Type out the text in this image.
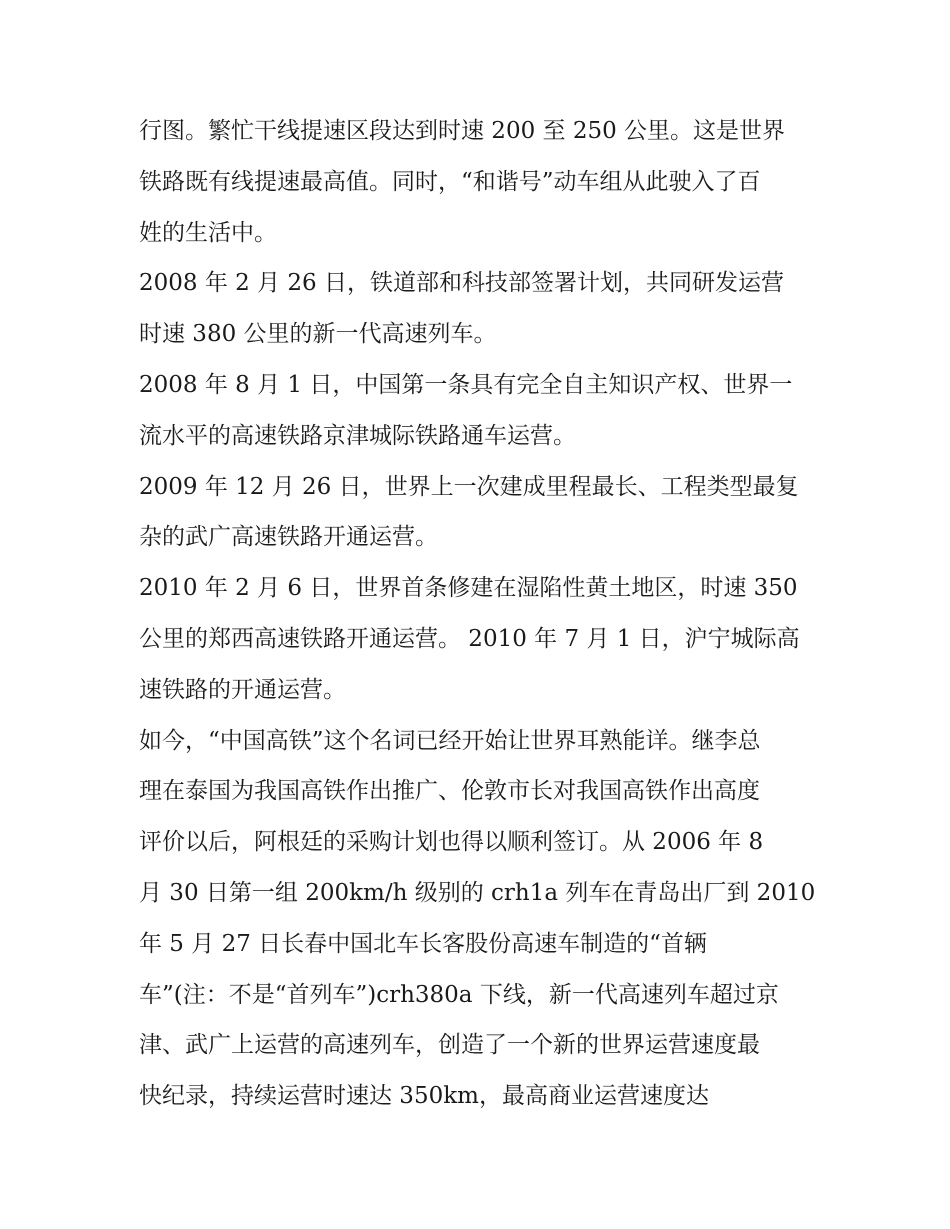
行图。繁忙干线提速区段达到时速 200 至 250 公里。这是世界
铁路既有线提速最高值。同时，“和谐号”动车组从此驶入了百
姓的生活中。
2008 年 2 月 26 日，铁道部和科技部签署计划，共同研发运营
时速 380 公里的新一代高速列车。
2008 年 8 月 1 日，中国第一条具有完全自主知识产权、世界一
流水平的高速铁路京津城际铁路通车运营。
2009 年 12 月 26 日，世界上一次建成里程最长、工程类型最复
杂的武广高速铁路开通运营。
2010 年 2 月 6 日，世界首条修建在湿陷性黄土地区，时速 350
公里的郑西高速铁路开通运营。 2010 年 7 月 1 日，沪宁城际高
速铁路的开通运营。
如今，“中国高铁”这个名词已经开始让世界耳熟能详。继李总
理在泰国为我国高铁作出推广、伦敦市长对我国高铁作出高度
评价以后，阿根廷的采购计划也得以顺利签订。从 2006 年 8
月 30 日第一组 200km/h 级别的 crh1a 列车在青岛出厂到 2010
年 5 月 27 日长春中国北车长客股份高速车制造的“首辆
车”(注：不是“首列车”)crh380a 下线，新一代高速列车超过京
津、武广上运营的高速列车，创造了一个新的世界运营速度最
快纪录，持续运营时速达 350km，最高商业运营速度达
